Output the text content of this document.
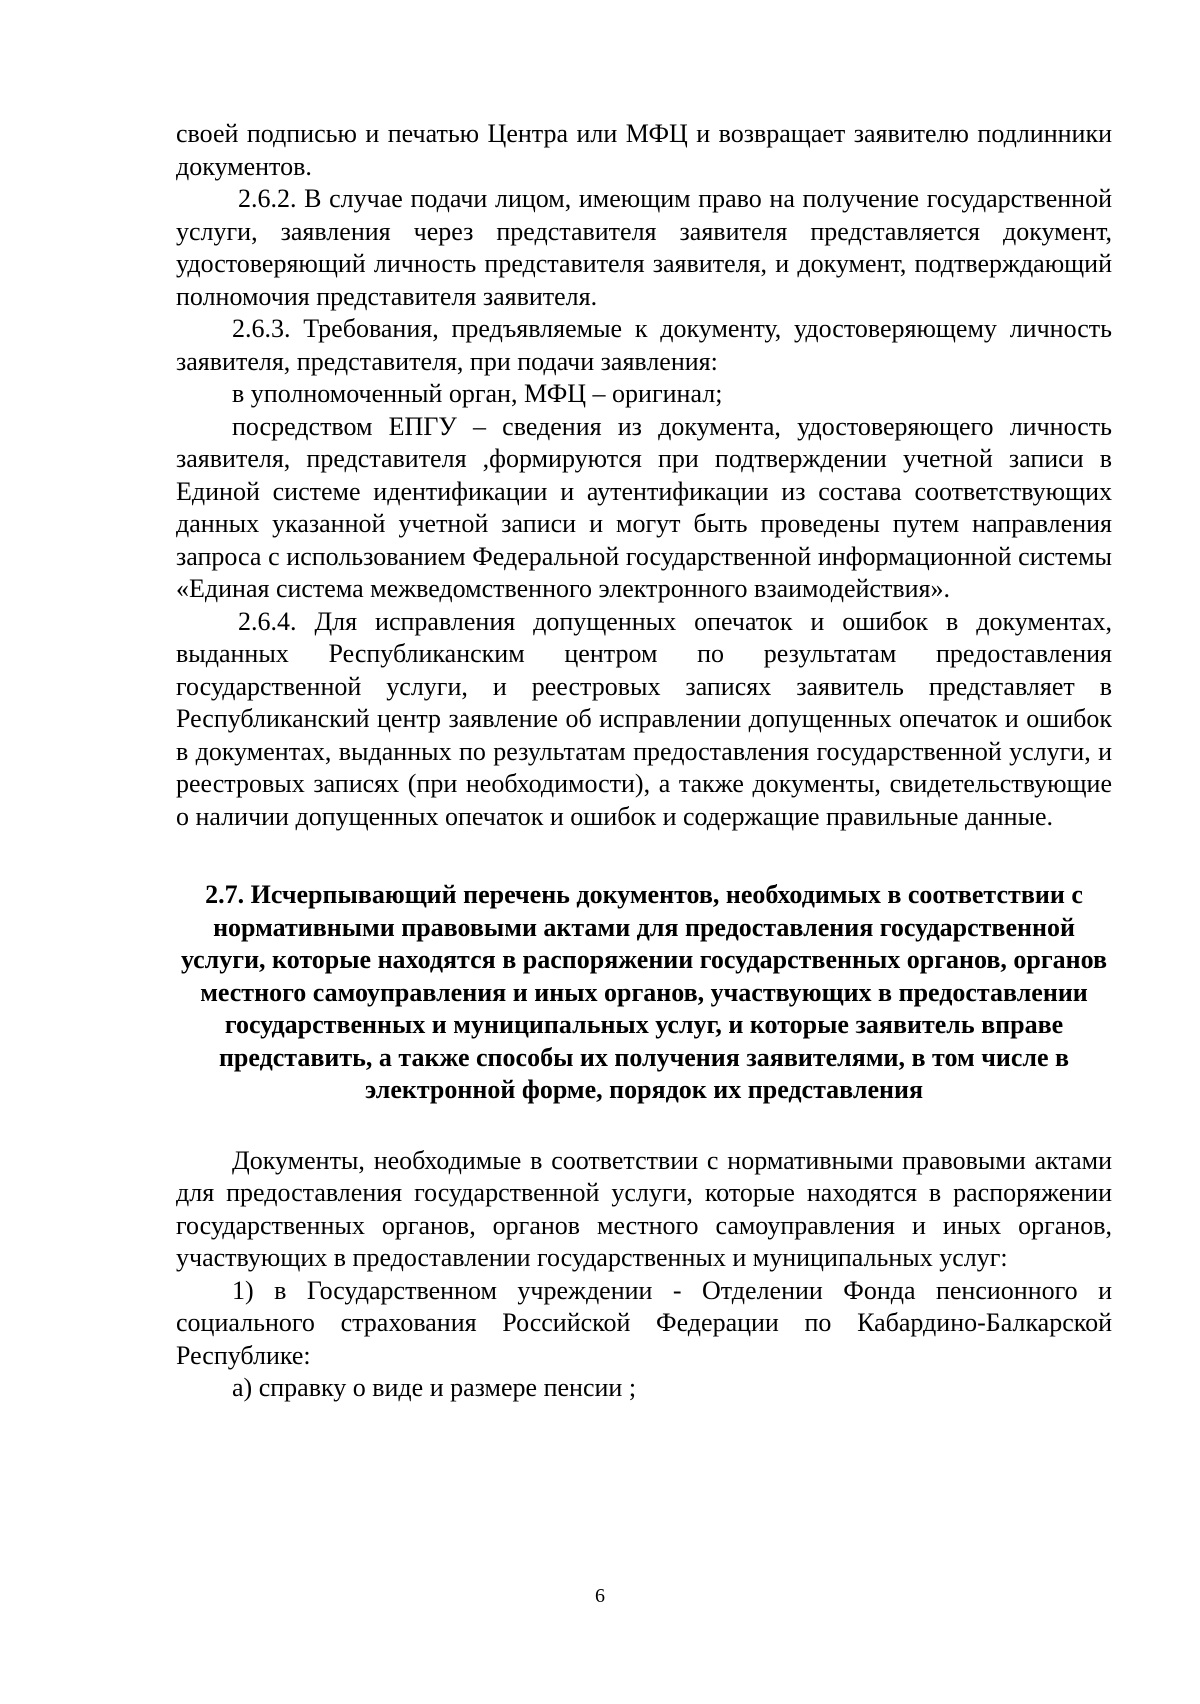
своей подписью и печатью Центра или МФЦ и возвращает заявителю подлинники документов.

2.6.2. В случае подачи лицом, имеющим право на получение государственной услуги, заявления через представителя заявителя представляется документ, удостоверяющий личность представителя заявителя, и документ, подтверждающий полномочия представителя заявителя.

2.6.3. Требования, предъявляемые к документу, удостоверяющему личность заявителя, представителя, при подачи заявления:

в уполномоченный орган, МФЦ – оригинал;

посредством ЕПГУ – сведения из документа, удостоверяющего личность заявителя, представителя ,формируются при подтверждении учетной записи в Единой системе идентификации и аутентификации из состава соответствующих данных указанной учетной записи и могут быть проведены путем направления запроса с использованием Федеральной государственной информационной системы «Единая система межведомственного электронного взаимодействия».

2.6.4. Для исправления допущенных опечаток и ошибок в документах, выданных Республиканским центром по результатам предоставления государственной услуги, и реестровых записях заявитель представляет в Республиканский центр заявление об исправлении допущенных опечаток и ошибок в документах, выданных по результатам предоставления государственной услуги, и реестровых записях (при необходимости), а также документы, свидетельствующие о наличии допущенных опечаток и ошибок и содержащие правильные данные.

2.7. Исчерпывающий перечень документов, необходимых в соответствии с нормативными правовыми актами для предоставления государственной услуги, которые находятся в распоряжении государственных органов, органов местного самоуправления и иных органов, участвующих в предоставлении государственных и муниципальных услуг, и которые заявитель вправе представить, а также способы их получения заявителями, в том числе в электронной форме, порядок их представления

Документы, необходимые в соответствии с нормативными правовыми актами для предоставления государственной услуги, которые находятся в распоряжении государственных органов, органов местного самоуправления и иных органов, участвующих в предоставлении государственных и муниципальных услуг:

1) в Государственном учреждении - Отделении Фонда пенсионного и социального страхования Российской Федерации по Кабардино-Балкарской Республике:

а) справку о виде и размере пенсии ;

6
